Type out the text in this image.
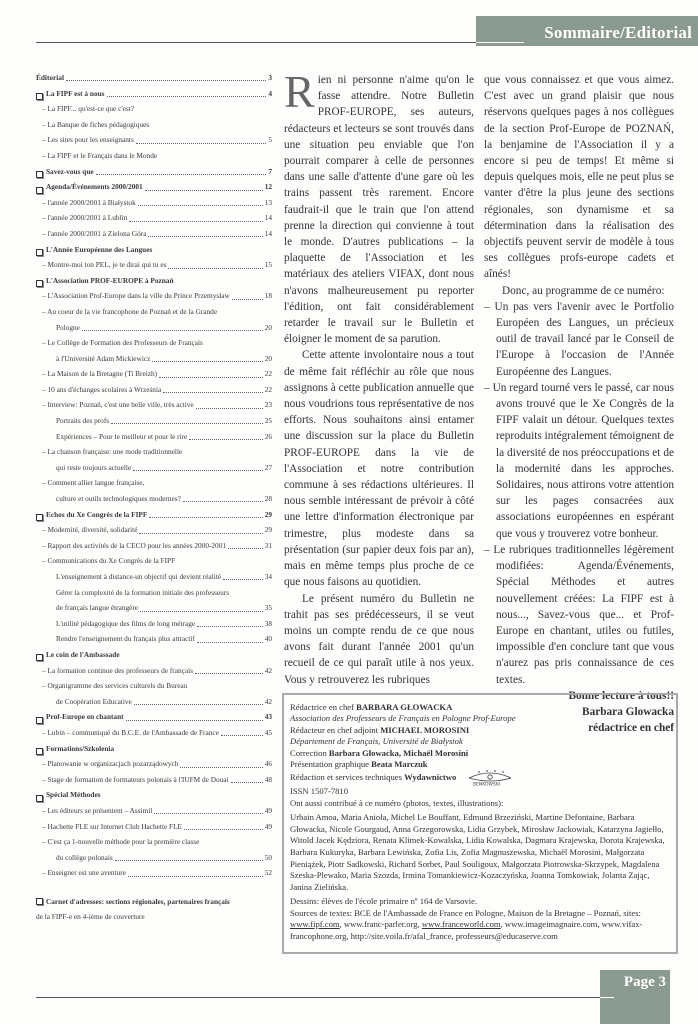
Sommaire/Editorial
Éditorial	3
La FIPF est à nous	4
– La FIPF... qu'est-ce que c'est?
– La Banque de fiches pédagogiques
– Les sites pour les enseignants	5
– La FIPF et le Français dans le Monde
Savez-vous que	7
Agenda/Événements 2000/2001	12
– l'année 2000/2001 à Białystok	13
– l'année 2000/2001 à Lublin	14
– l'année 2000/2001 à Zielona Góra	14
L'Année Européenne des Langues
– Montre-moi ton PEL, je te dirai qui tu es	15
L'Association PROF-EUROPE à Poznań
– L'Association Prof-Europe dans la ville du Prince Przemysław	18
– Au coeur de la vie francophone de Poznań et de la Grande
Pologne	20
– Le Collège de Formation des Professeurs de Français
à l'Université Adam Mickiewicz	20
– La Maison de la Bretagne (Ti Breizh)	22
– 10 ans d'échanges scolaires à Września	22
– Interview: Poznań, c'est une belle ville, très active	23
Portraits des profs	25
Expériences – Pour le meilleur et pour le rire	26
– La chanson française: une mode traditionnelle
qui reste toujours actuelle	27
– Comment allier langue française,
culture et outils technologiques modernes?	28
Echos du Xe Congrès de la FIPF	29
– Modernité, diversité, solidarité	29
– Rapport des activités de la CECO pour les années 2000-2001	31
– Communications du Xe Congrès de la FIPF
L'enseignement à distance-un objectif qui devient réalité	34
Gérer la complexité de la formation initiale des professeurs
de français langue étrangère	35
L'utilité pédagogique des films de long métrage	38
Rendre l'enseignement du français plus attractif	40
Le coin de l'Ambassade
– La formation continue des professeurs de français	42
– Organigramme des services culturels du Bureau
de Coopération Educative	42
Prof-Europe en chantant	43
– Lubin – communiqué du B.C.E. de l'Ambassade de France	45
Formations/Szkolenia
– Planowanie w organizacjach pozarządowych	46
– Stage de formation de formateurs polonais à l'IUFM de Douai	48
Spécial Méthodes
– Les éditeurs se présentent – Assimil	49
– Hachette FLE sur Internet Club Hachette FLE	49
– C'est ça 1-nouvelle méthode pour la première classe
du collège polonais	50
– Enseigner est une aventure	52
Carnet d'adresses: sections régionales, partenaires français
de la FIPF-e en 4-ième de couverture

Rien ni personne n'aime qu'on le fasse attendre. Notre Bulletin PROF-EUROPE, ses auteurs, rédacteurs et lecteurs se sont trouvés dans une situation peu enviable que l'on pourrait comparer à celle de personnes dans une salle d'attente d'une gare où les trains passent très rarement. Encore faudrait-il que le train que l'on attend prenne la direction qui convienne à tout le monde. D'autres publications – la plaquette de l'Association et les matériaux des ateliers VIFAX, dont nous n'avons malheureusement pu reporter l'édition, ont fait considérablement retarder le travail sur le Bulletin et éloigner le moment de sa parution.

Cette attente involontaire nous a tout de même fait réfléchir au rôle que nous assignons à cette publication annuelle que nous voudrions tous représentative de nos efforts. Nous souhaitons ainsi entamer une discussion sur la place du Bulletin PROF-EUROPE dans la vie de l'Association et notre contribution commune à ses rédactions ultérieures. Il nous semble intéressant de prévoir à côté une lettre d'information électronique par trimestre, plus modeste dans sa présentation (sur papier deux fois par an), mais en même temps plus proche de ce que nous faisons au quotidien.

Le présent numéro du Bulletin ne trahit pas ses prédécesseurs, il se veut moins un compte rendu de ce que nous avons fait durant l'année 2001 qu'un recueil de ce qui paraît utile à nos yeux. Vous y retrouverez les rubriques

que vous connaissez et que vous aimez. C'est avec un grand plaisir que nous réservons quelques pages à nos collègues de la section Prof-Europe de POZNAŃ, la benjamine de l'Association il y a encore si peu de temps! Et même si depuis quelques mois, elle ne peut plus se vanter d'être la plus jeune des sections régionales, son dynamisme et sa détermination dans la réalisation des objectifs peuvent servir de modèle à tous ses collègues profs-europe cadets et aînés!

Donc, au programme de ce numéro:

– Un pas vers l'avenir avec le Portfolio Européen des Langues, un précieux outil de travail lancé par le Conseil de l'Europe à l'occasion de l'Année Européenne des Langues.

– Un regard tourné vers le passé, car nous avons trouvé que le Xe Congrès de la FIPF valait un détour. Quelques textes reproduits intégralement témoignent de la diversité de nos préoccupations et de la modernité dans les approches. Solidaires, nous attirons votre attention sur les pages consacrées aux associations européennes en espérant que vous y trouverez votre bonheur.

– Le rubriques traditionnelles légèrement modifiées: Agenda/Événements, Spécial Méthodes et autres nouvellement créées: La FIPF est à nous..., Savez-vous que... et Prof-Europe en chantant, utiles ou futiles, impossible d'en conclure tant que vous n'aurez pas pris connaissance de ces textes.

Bonne lecture à tous!!

Barbara Glowacka

rédactrice en chef

Rédactrice en chef BARBARA GŁOWACKA
Association des Professeurs de Français en Pologne Prof-Europe
Rédacteur en chef adjoint MICHAEL MOROSINI
Département de Français, Université de Białystok
Correction Barbara Głowacka, Michaël Morosini
Présentation graphique Beata Marczuk
Rédaction et services techniques Wydawnictwo
BENKOWSKI
ISSN 1507-7810
Ont aussi contribué à ce numéro (photos, textes, illustrations):
Urbain Amoa, Maria Anioła, Michel Le Bouffant, Edmund Brzeziński, Martine Defontaine, Barbara Głowacka, Nicole Gourgaud, Anna Grzegorowska, Lidia Grzybek, Mirosław Jackowiak, Katarzyna Jagiełło, Witold Jacek Kędziora, Renata Klimek-Kowalska, Lidia Kowalska, Dagmara Krajewska, Dorota Krajewska, Barbara Kukuryka, Barbara Lewińska, Zofia Lis, Zofia Magnuszewska, Michaël Morosini, Małgorzata Pieniążek, Piotr Sadkowski, Richard Sorbet, Paul Souligoux, Małgorzata Piotrowska-Skrzypek, Magdalena Szeska-Plewako, Maria Szozda, Irmina Tomankiewicz-Kozaczyńska, Joanna Tomkowiak, Jolanta Zając, Janina Zielińska.
Dessins: élèves de l'école primaire nº 164 de Varsovie.
Sources de textes: BCE de l'Ambassade de France en Pologne, Maison de la Bretagne – Poznań, sites: www.fipf.com, www.franc-parler.org, www.franceworld.com, www.imageimagnaire.com, www.vifax-francophone.org, http://site.voila.fr/afal_france, professeurs@educaserve.com
Page 3
